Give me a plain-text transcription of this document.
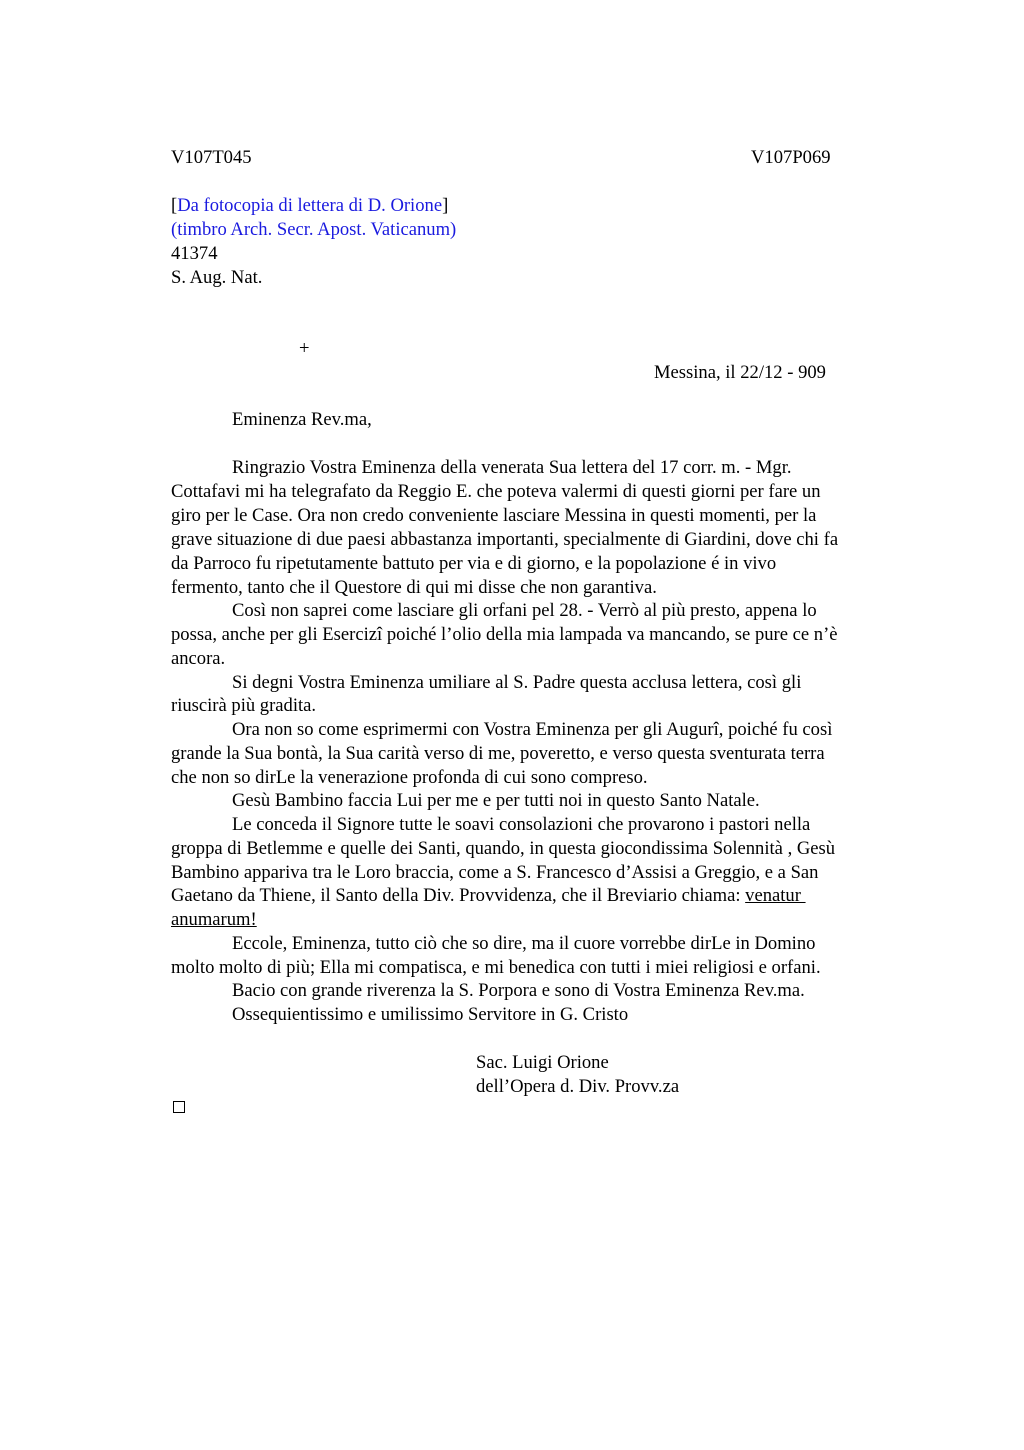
V107T045	V107P069
[Da fotocopia di lettera di D. Orione]
(timbro Arch. Secr. Apost. Vaticanum)
41374
S. Aug. Nat.
+
Messina, il 22/12 - 909
Eminenza Rev.ma,
Ringrazio Vostra Eminenza della venerata Sua lettera del 17 corr. m. - Mgr.
Cottafavi mi ha telegrafato da Reggio E. che poteva valermi di questi giorni per fare un
giro per le Case. Ora non credo conveniente lasciare Messina in questi momenti, per la
grave situazione di due paesi abbastanza importanti, specialmente di Giardini, dove chi fa
da Parroco fu ripetutamente battuto per via e di giorno, e la popolazione é in vivo
fermento, tanto che il Questore di qui mi disse che non garantiva.
Così non saprei come lasciare gli orfani pel 28. - Verrò al più presto, appena lo
possa, anche per gli Esercizi poiché l’olio della mia lampada va mancando, se pure ce n’è
ancora.
Si degni Vostra Eminenza umiliare al S. Padre questa acclusa lettera, così gli
riuscirà più gradita.
Ora non so come esprimermi con Vostra Eminenza per gli Auguri, poiché fu così
grande la Sua bontà, la Sua carità verso di me, poveretto, e verso questa sventurata terra
che non so dirLe la venerazione profonda di cui sono compreso.
Gesù Bambino faccia Lui per me e per tutti noi in questo Santo Natale.
Le conceda il Signore tutte le soavi consolazioni che provarono i pastori nella
groppa di Betlemme e quelle dei Santi, quando, in questa giocondissima Solennità , Gesù
Bambino appariva tra le Loro braccia, come a S. Francesco d’Assisi a Greggio, e a San
Gaetano da Thiene, il Santo della Div. Provvidenza, che il Breviario chiama: venatur
anumarum!
Eccole, Eminenza, tutto ciò che so dire, ma il cuore vorrebbe dirLe in Domino
molto molto di più; Ella mi compatisca, e mi benedica con tutti i miei religiosi e orfani.
Bacio con grande riverenza la S. Porpora e sono di Vostra Eminenza Rev.ma.
Ossequientissimo e umilissimo Servitore in G. Cristo
Sac. Luigi Orione
dell’Opera d. Div. Provv.za
